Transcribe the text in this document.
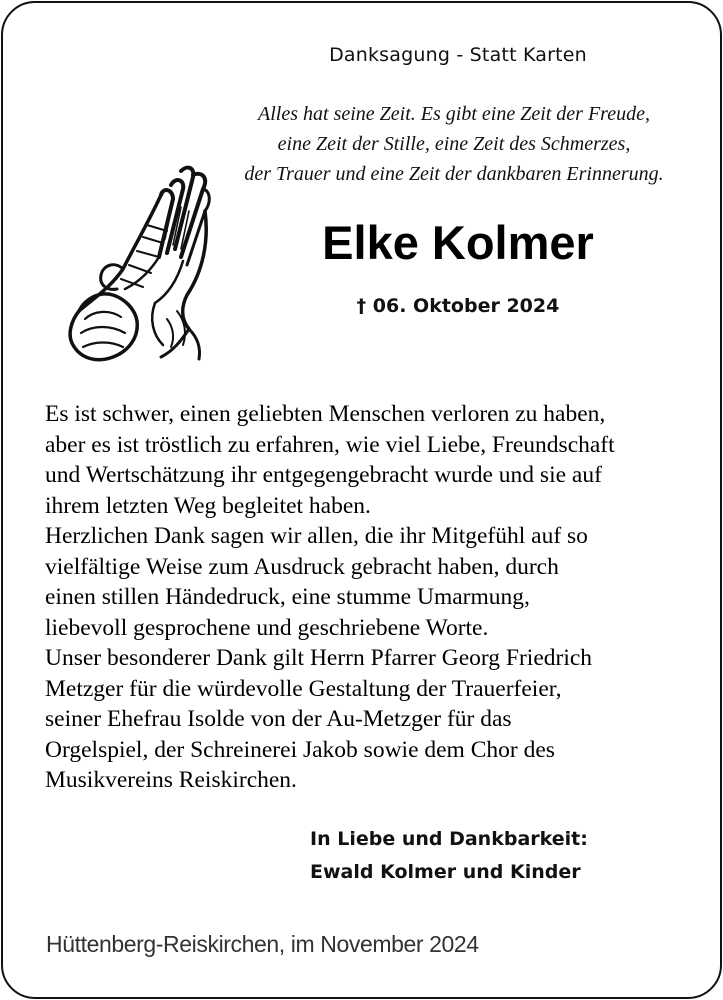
Danksagung - Statt Karten
Alles hat seine Zeit. Es gibt eine Zeit der Freude,
eine Zeit der Stille, eine Zeit des Schmerzes,
der Trauer und eine Zeit der dankbaren Erinnerung.
Elke Kolmer
† 06. Oktober 2024
Es ist schwer, einen geliebten Menschen verloren zu haben,
aber es ist tröstlich zu erfahren, wie viel Liebe, Freundschaft
und Wertschätzung ihr entgegengebracht wurde und sie auf
ihrem letzten Weg begleitet haben.
Herzlichen Dank sagen wir allen, die ihr Mitgefühl auf so
vielfältige Weise zum Ausdruck gebracht haben, durch
einen stillen Händedruck, eine stumme Umarmung,
liebevoll gesprochene und geschriebene Worte.
Unser besonderer Dank gilt Herrn Pfarrer Georg Friedrich
Metzger für die würdevolle Gestaltung der Trauerfeier,
seiner Ehefrau Isolde von der Au-Metzger für das
Orgelspiel, der Schreinerei Jakob sowie dem Chor des
Musikvereins Reiskirchen.
In Liebe und Dankbarkeit:
Ewald Kolmer und Kinder
Hüttenberg-Reiskirchen, im November 2024
